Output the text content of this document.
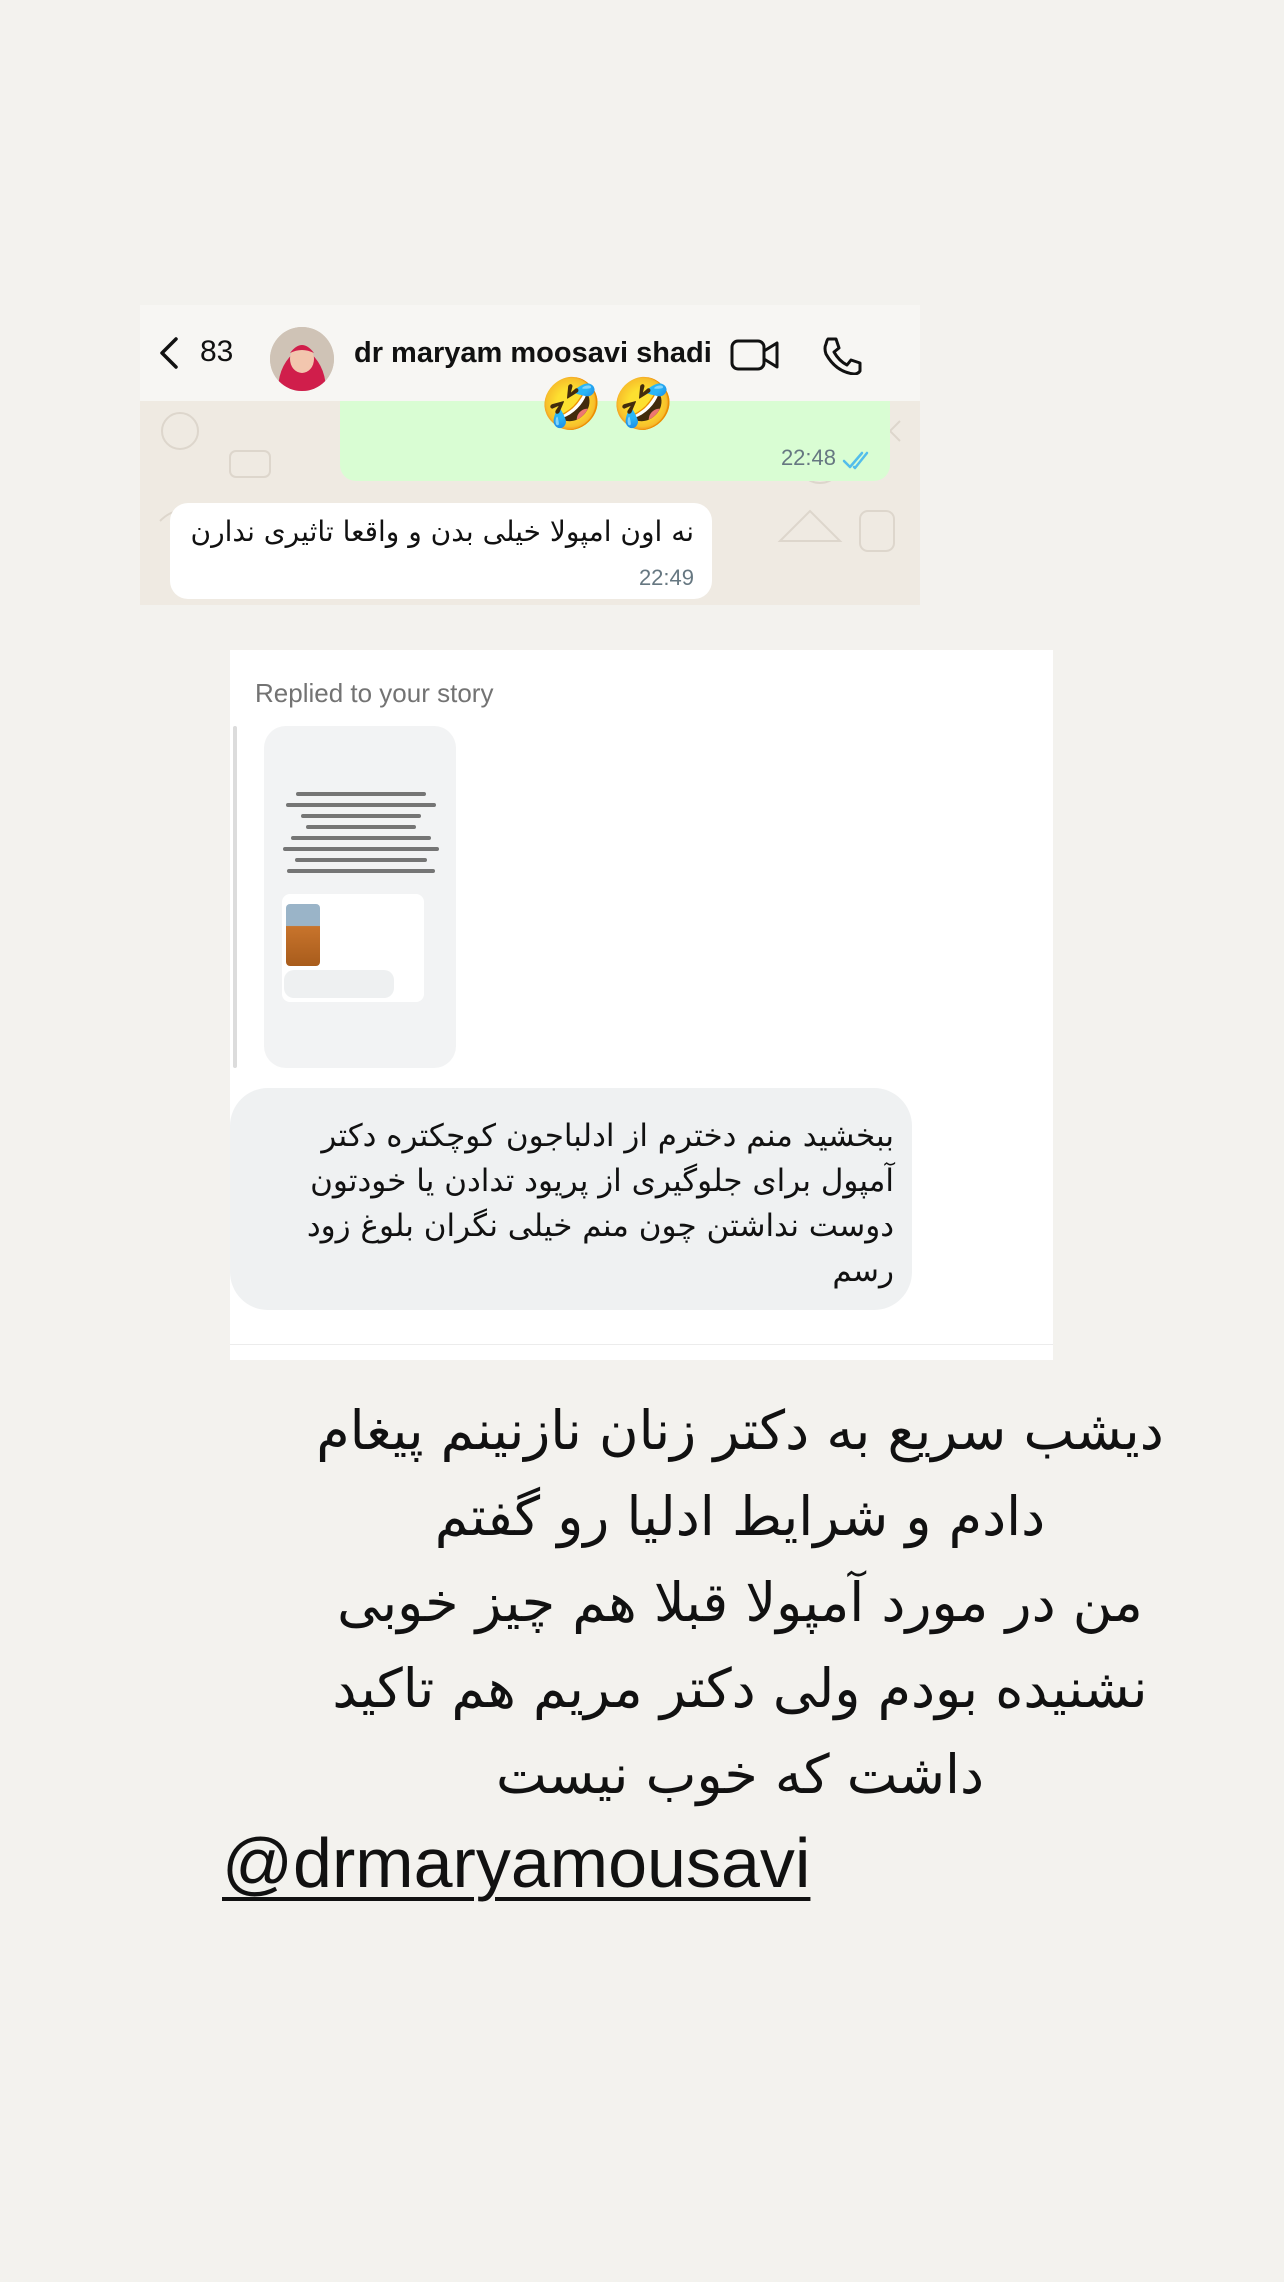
83	dr maryam moosavi shadi
🤣🤣
22:48
نه اون امپولا خیلی بدن و واقعا تاثیری ندارن
22:49
Replied to your story
ببخشید منم دخترم از ادلباجون کوچکتره دکتر آمپول برای جلوگیری از پریود تدادن یا خودتون دوست نداشتن چون منم خیلی نگران بلوغ زود رسم
دیشب سریع به دکتر زنان نازنینم پیغام
دادم و شرایط ادلیا رو گفتم
من در مورد آمپولا قبلا هم چیز خوبی
نشنیده بودم ولی دکتر مریم هم تاکید
داشت که خوب نیست
@drmaryamousavi
